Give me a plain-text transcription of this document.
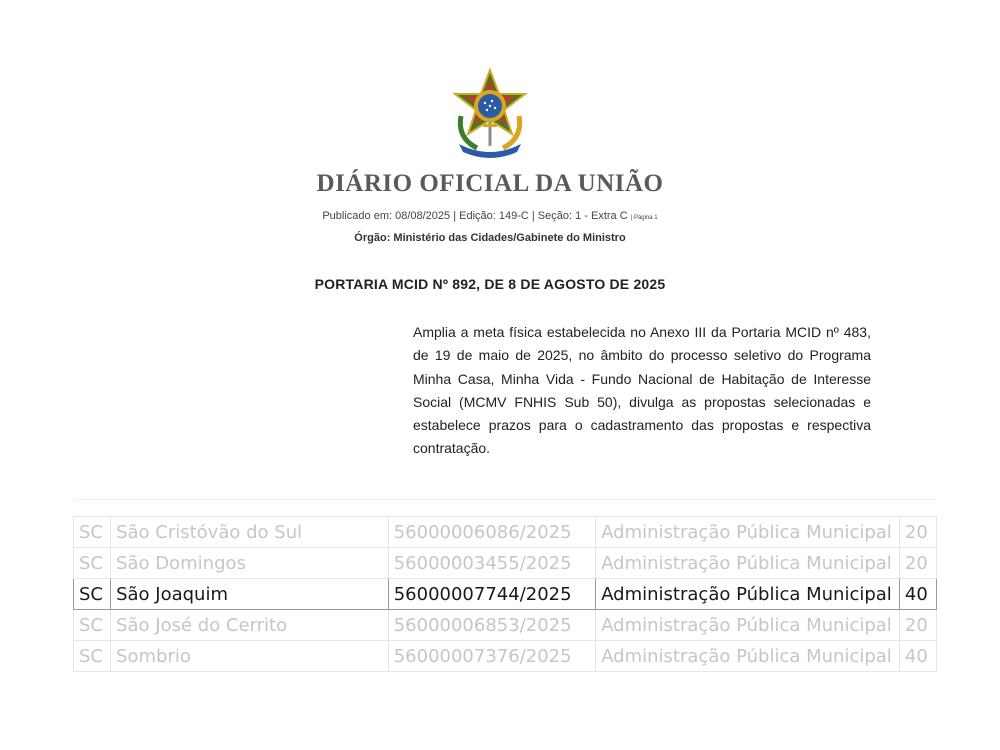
DIÁRIO OFICIAL DA UNIÃO
Publicado em: 08/08/2025 | Edição: 149-C | Seção: 1 - Extra C | Página 1
Órgão: Ministério das Cidades/Gabinete do Ministro
PORTARIA MCID Nº 892, DE 8 DE AGOSTO DE 2025
Amplia a meta física estabelecida no Anexo III da Portaria MCID nº 483, de 19 de maio de 2025, no âmbito do processo seletivo do Programa Minha Casa, Minha Vida - Fundo Nacional de Habitação de Interesse Social (MCMV FNHIS Sub 50), divulga as propostas selecionadas e estabelece prazos para o cadastramento das propostas e respectiva contratação.
SC	São Cristóvão do Sul	56000006086/2025	Administração Pública Municipal	20
SC	São Domingos	56000003455/2025	Administração Pública Municipal	20
SC	São Joaquim	56000007744/2025	Administração Pública Municipal	40
SC	São José do Cerrito	56000006853/2025	Administração Pública Municipal	20
SC	Sombrio	56000007376/2025	Administração Pública Municipal	40
